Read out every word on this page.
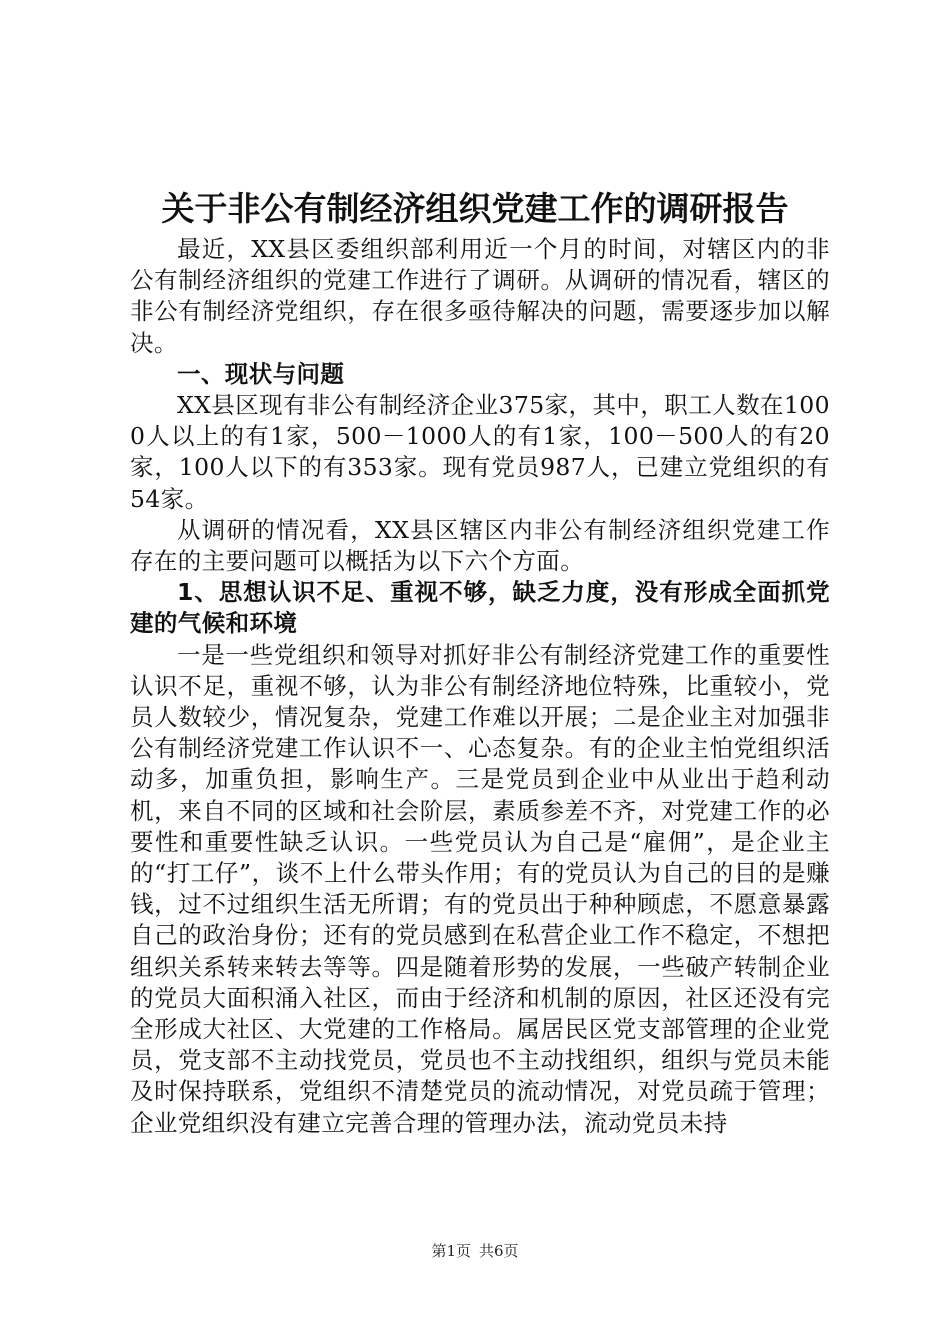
关于非公有制经济组织党建工作的调研报告

最近，XX县区委组织部利用近一个月的时间，对辖区内的非公有制经济组织的党建工作进行了调研。从调研的情况看，辖区的非公有制经济党组织，存在很多亟待解决的问题，需要逐步加以解决。

一、现状与问题

XX县区现有非公有制经济企业375家，其中，职工人数在1000人以上的有1家，500－1000人的有1家，100－500人的有20家，100人以下的有353家。现有党员987人，已建立党组织的有54家。

从调研的情况看，XX县区辖区内非公有制经济组织党建工作存在的主要问题可以概括为以下六个方面。

1、思想认识不足、重视不够，缺乏力度，没有形成全面抓党建的气候和环境

一是一些党组织和领导对抓好非公有制经济党建工作的重要性认识不足，重视不够，认为非公有制经济地位特殊，比重较小，党员人数较少，情况复杂，党建工作难以开展；二是企业主对加强非公有制经济党建工作认识不一、心态复杂。有的企业主怕党组织活动多，加重负担，影响生产。三是党员到企业中从业出于趋利动机，来自不同的区域和社会阶层，素质参差不齐，对党建工作的必要性和重要性缺乏认识。一些党员认为自己是“雇佣”，是企业主的“打工仔”，谈不上什么带头作用；有的党员认为自己的目的是赚钱，过不过组织生活无所谓；有的党员出于种种顾虑，不愿意暴露自己的政治身份；还有的党员感到在私营企业工作不稳定，不想把组织关系转来转去等等。四是随着形势的发展，一些破产转制企业的党员大面积涌入社区，而由于经济和机制的原因，社区还没有完全形成大社区、大党建的工作格局。属居民区党支部管理的企业党员，党支部不主动找党员，党员也不主动找组织，组织与党员未能及时保持联系，党组织不清楚党员的流动情况，对党员疏于管理；企业党组织没有建立完善合理的管理办法，流动党员未持

第1页 共6页
